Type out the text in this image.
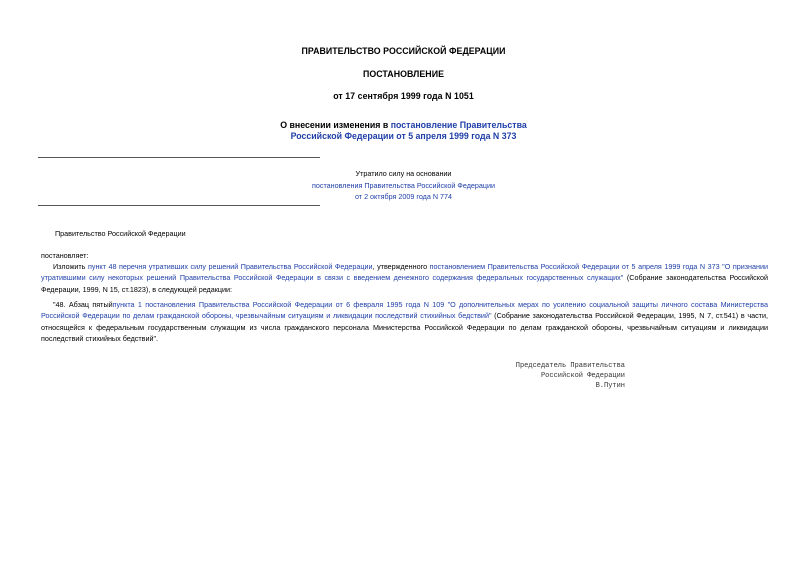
ПРАВИТЕЛЬСТВО РОССИЙСКОЙ ФЕДЕРАЦИИ
ПОСТАНОВЛЕНИЕ
от 17 сентября 1999 года N 1051
О внесении изменения в постановление Правительства
Российской Федерации от 5 апреля 1999 года N 373
Утратило силу на основании
постановления Правительства Российской Федерации
от 2 октября 2009 года N 774
Правительство Российской Федерации
постановляет:
Изложить пункт 48 перечня утративших силу решений Правительства Российской Федерации, утвержденного постановлением Правительства Российской Федерации от 5 апреля 1999 года N 373 "О признании утратившими силу некоторых решений Правительства Российской Федерации в связи с введением денежного содержания федеральных государственных служащих" (Собрание законодательства Российской Федерации, 1999, N 15, ст.1823), в следующей редакции:
"48. Абзац пятыйпункта 1 постановления Правительства Российской Федерации от 6 февраля 1995 года N 109 "О дополнительных мерах по усилению социальной защиты личного состава Министерства Российской Федерации по делам гражданской обороны, чрезвычайным ситуациям и ликвидации последствий стихийных бедствий" (Собрание законодательства Российской Федерации, 1995, N 7, ст.541) в части, относящейся к федеральным государственным служащим из числа гражданского персонала Министерства Российской Федерации по делам гражданской обороны, чрезвычайным ситуациям и ликвидации последствий стихийных бедствий".
Председатель Правительства
Российской Федерации
В.Путин
